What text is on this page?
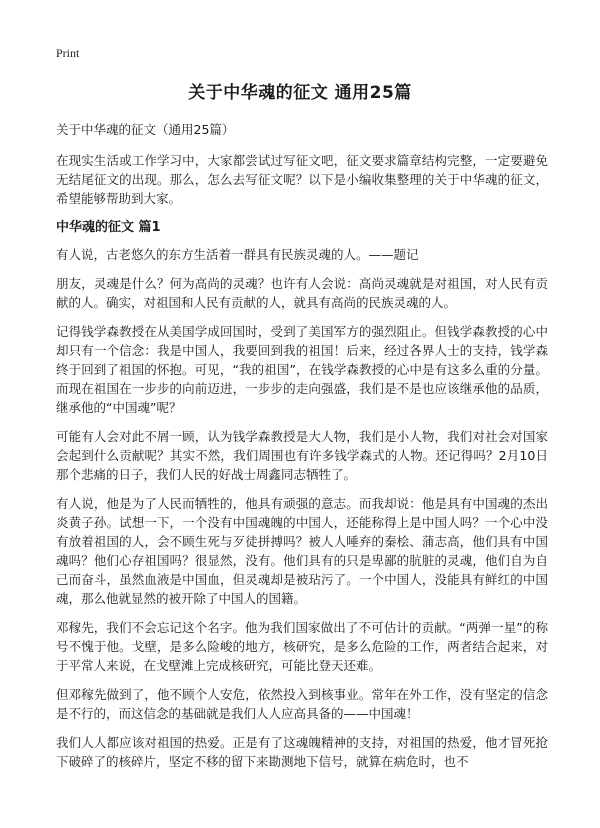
Print
关于中华魂的征文 通用25篇

关于中华魂的征文（通用25篇）

在现实生活或工作学习中，大家都尝试过写征文吧，征文要求篇章结构完整，一定要避免无结尾征文的出现。那么，怎么去写征文呢？以下是小编收集整理的关于中华魂的征文，希望能够帮助到大家。

中华魂的征文 篇1

有人说，古老悠久的东方生活着一群具有民族灵魂的人。——题记

朋友，灵魂是什么？何为高尚的灵魂？也许有人会说：高尚灵魂就是对祖国，对人民有贡献的人。确实，对祖国和人民有贡献的人，就具有高尚的民族灵魂的人。

记得钱学森教授在从美国学成回国时，受到了美国军方的强烈阻止。但钱学森教授的心中却只有一个信念：我是中国人，我要回到我的祖国！后来，经过各界人士的支持，钱学森终于回到了祖国的怀抱。可见，“我的祖国”，在钱学森教授的心中是有这多么重的分量。而现在祖国在一步步的向前迈进，一步步的走向强盛，我们是不是也应该继承他的品质，继承他的“中国魂”呢？

可能有人会对此不屑一顾，认为钱学森教授是大人物，我们是小人物，我们对社会对国家会起到什么贡献呢？其实不然，我们周围也有许多钱学森式的人物。还记得吗？2月10日那个悲痛的日子，我们人民的好战士周鑫同志牺牲了。

有人说，他是为了人民而牺牲的，他具有顽强的意志。而我却说：他是具有中国魂的杰出炎黄子孙。试想一下，一个没有中国魂魄的中国人，还能称得上是中国人吗？一个心中没有放着祖国的人，会不顾生死与歹徒拼搏吗？被人人唾弃的秦桧、蒲志高，他们具有中国魂吗？他们心存祖国吗？很显然，没有。他们具有的只是卑鄙的肮脏的灵魂，他们自为自己而奋斗，虽然血液是中国血，但灵魂却是被玷污了。一个中国人，没能具有鲜红的中国魂，那么他就显然的被开除了中国人的国籍。

邓稼先，我们不会忘记这个名字。他为我们国家做出了不可估计的贡献。“两弹一星”的称号不愧于他。戈壁，是多么险峻的地方，核研究，是多么危险的工作，两者结合起来，对于平常人来说，在戈壁滩上完成核研究，可能比登天还难。

但邓稼先做到了，他不顾个人安危，依然投入到核事业。常年在外工作，没有坚定的信念是不行的，而这信念的基础就是我们人人应高具备的——中国魂！

我们人人都应该对祖国的热爱。正是有了这魂魄精神的支持，对祖国的热爱，他才冒死抢下破碎了的核碎片，坚定不移的留下来勘测地下信号，就算在病危时，也不
